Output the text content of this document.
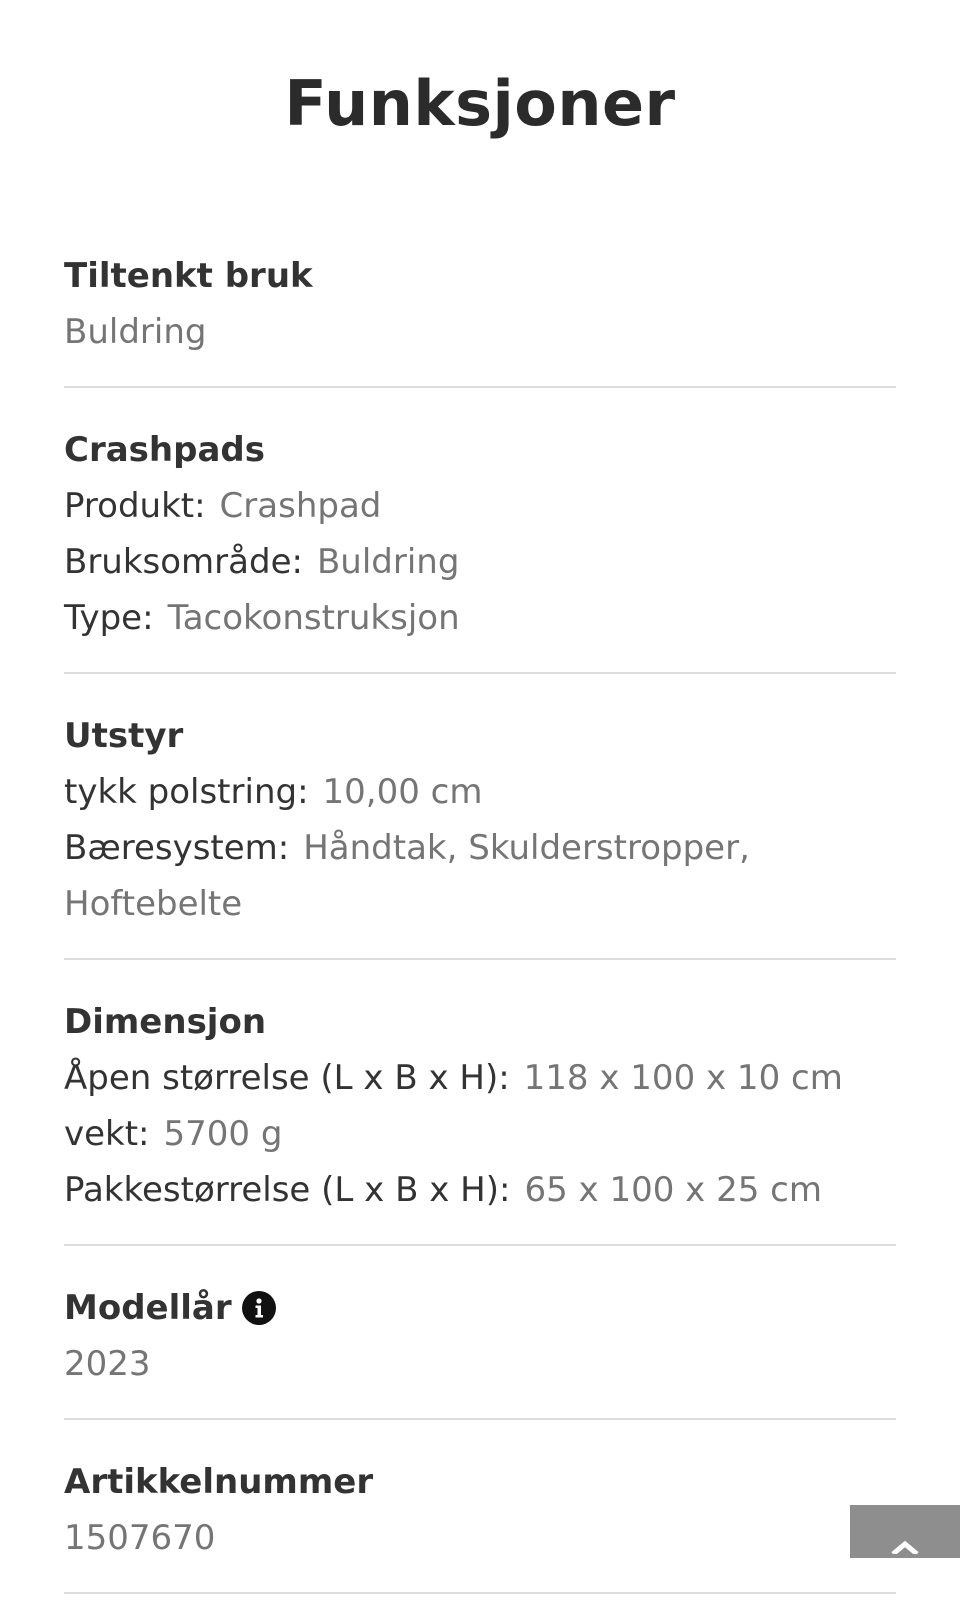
Funksjoner
Tiltenkt bruk
Buldring
Crashpads
Produkt: Crashpad
Bruksområde: Buldring
Type: Tacokonstruksjon
Utstyr
tykk polstring: 10,00 cm
Bæresystem: Håndtak, Skulderstropper, Hoftebelte
Dimensjon
Åpen størrelse (L x B x H): 118 x 100 x 10 cm
vekt: 5700 g
Pakkestørrelse (L x B x H): 65 x 100 x 25 cm
Modellår
2023
Artikkelnummer
1507670
